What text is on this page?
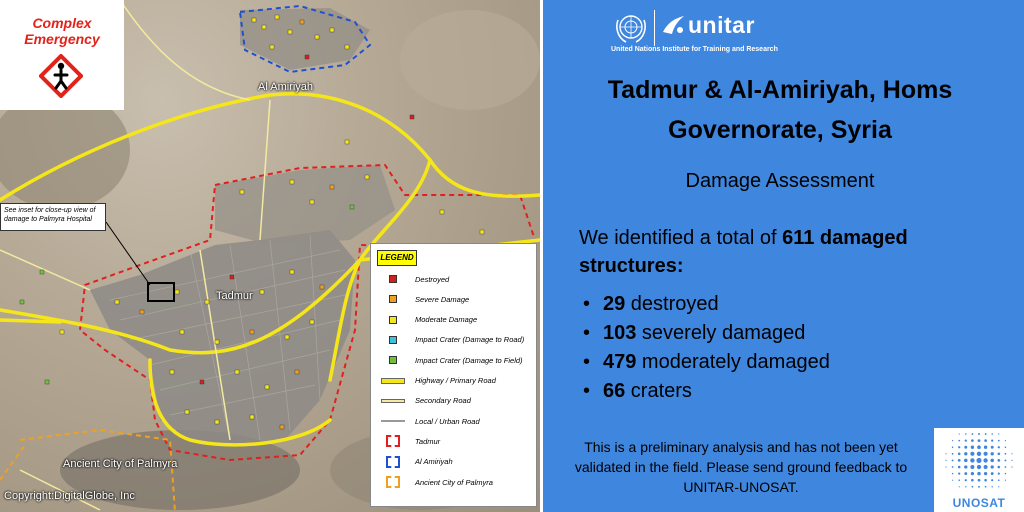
Complex
Emergency
Al Amiriyah
Tadmur
Ancient City of Palmyra
See inset for close-up view of damage to Palmyra Hospital
Copyright:DigitalGlobe, Inc
LEGEND
Destroyed
Severe Damage
Moderate Damage
Impact Crater (Damage to Road)
Impact Crater (Damage to Field)
Highway / Primary Road
Secondary Road
Local / Urban Road
Tadmur
Al Amiriyah
Ancient City of Palmyra
unitar
United Nations Institute for Training and Research
Tadmur & Al-Amiriyah, Homs
Governorate, Syria
Damage Assessment
We identified a total of 611 damaged structures:
• 29 destroyed
• 103 severely damaged
• 479 moderately damaged
• 66 craters
This is a preliminary analysis and has not been yet validated in the field. Please send ground feedback to UNITAR-UNOSAT.
UNOSAT
